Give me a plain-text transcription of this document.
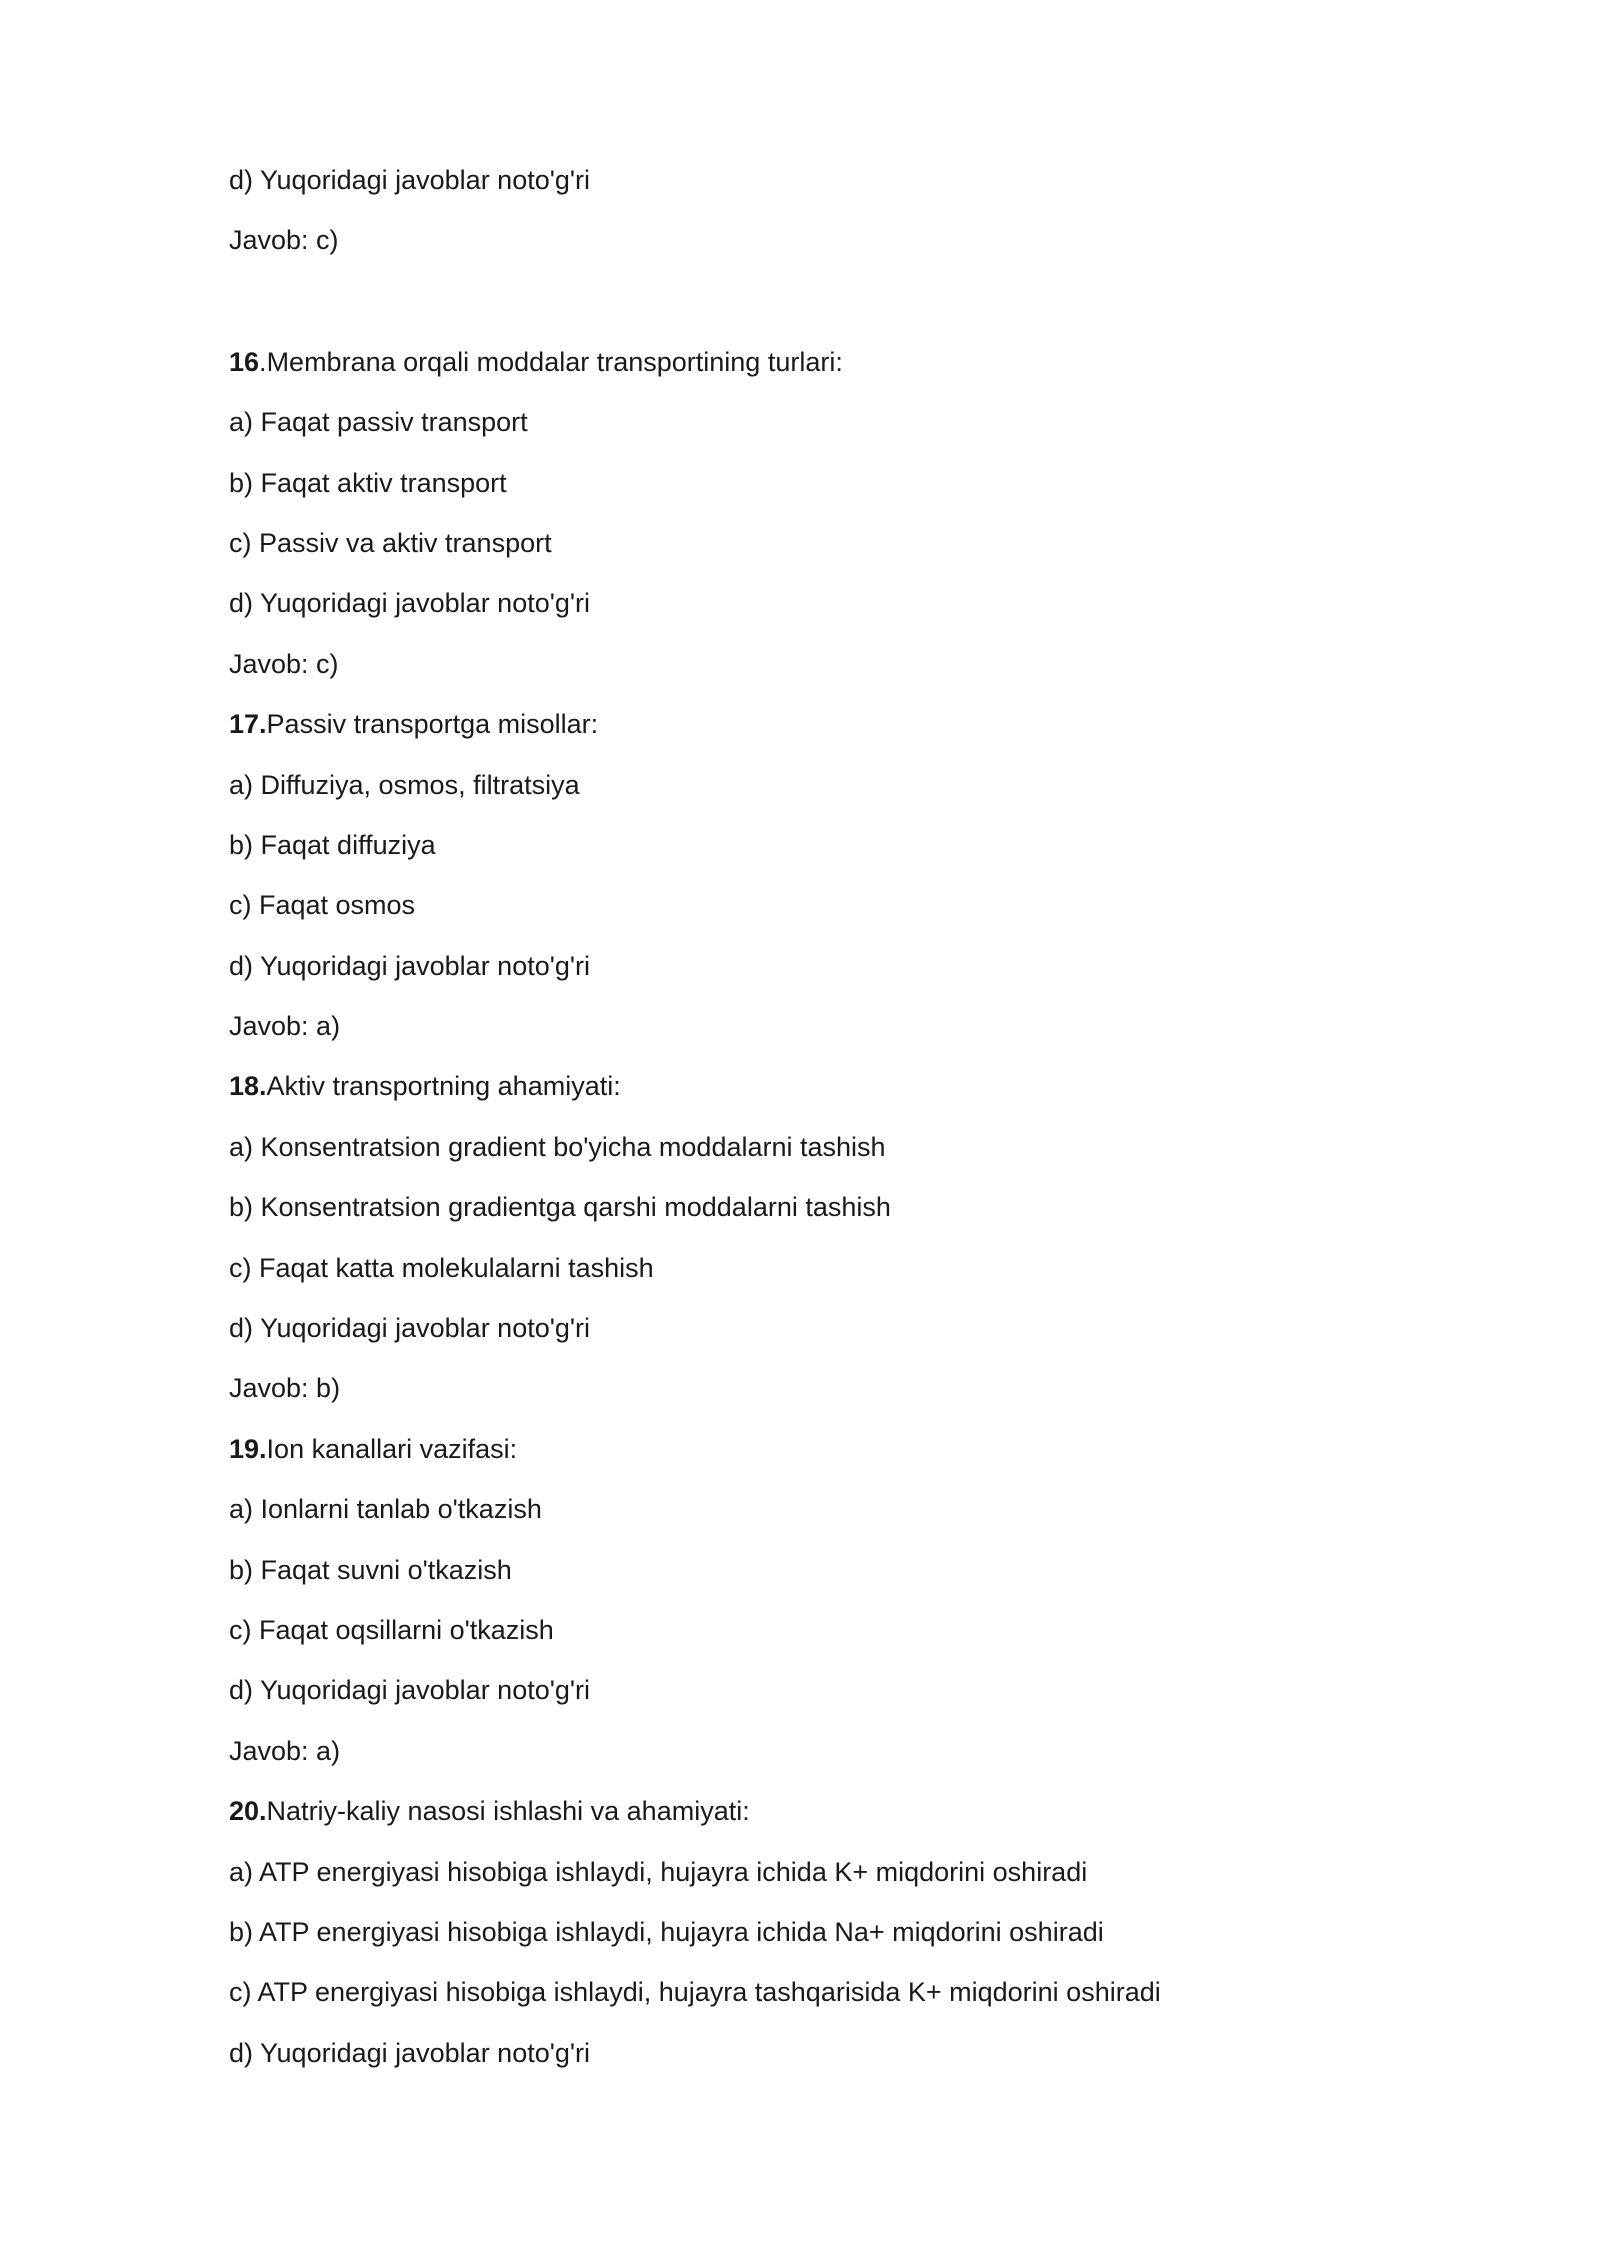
d) Yuqoridagi javoblar noto'g'ri
Javob: c)
16.Membrana orqali moddalar transportining turlari:
a) Faqat passiv transport
b) Faqat aktiv transport
c) Passiv va aktiv transport
d) Yuqoridagi javoblar noto'g'ri
Javob: c)
17.Passiv transportga misollar:
a) Diffuziya, osmos, filtratsiya
b) Faqat diffuziya
c) Faqat osmos
d) Yuqoridagi javoblar noto'g'ri
Javob: a)
18.Aktiv transportning ahamiyati:
a) Konsentratsion gradient bo'yicha moddalarni tashish
b) Konsentratsion gradientga qarshi moddalarni tashish
c) Faqat katta molekulalarni tashish
d) Yuqoridagi javoblar noto'g'ri
Javob: b)
19.Ion kanallari vazifasi:
a) Ionlarni tanlab o'tkazish
b) Faqat suvni o'tkazish
c) Faqat oqsillarni o'tkazish
d) Yuqoridagi javoblar noto'g'ri
Javob: a)
20.Natriy-kaliy nasosi ishlashi va ahamiyati:
a) ATP energiyasi hisobiga ishlaydi, hujayra ichida K+ miqdorini oshiradi
b) ATP energiyasi hisobiga ishlaydi, hujayra ichida Na+ miqdorini oshiradi
c) ATP energiyasi hisobiga ishlaydi, hujayra tashqarisida K+ miqdorini oshiradi
d) Yuqoridagi javoblar noto'g'ri
